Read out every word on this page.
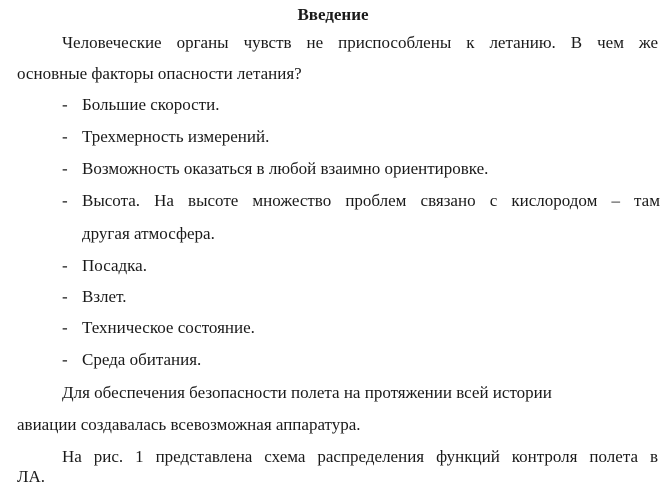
Введение
Человеческие органы чувств не приспособлены к летанию. В чем же
основные факторы опасности летания?
- Большие скорости.
- Трехмерность измерений.
- Возможность оказаться в любой взаимно ориентировке.
- Высота. На высоте множество проблем связано с кислородом – там
другая атмосфера.
- Посадка.
- Взлет.
- Техническое состояние.
- Среда обитания.
Для обеспечения безопасности полета на протяжении всей истории
авиации создавалась всевозможная аппаратура.
На рис. 1 представлена схема распределения функций контроля полета в
ЛА.
